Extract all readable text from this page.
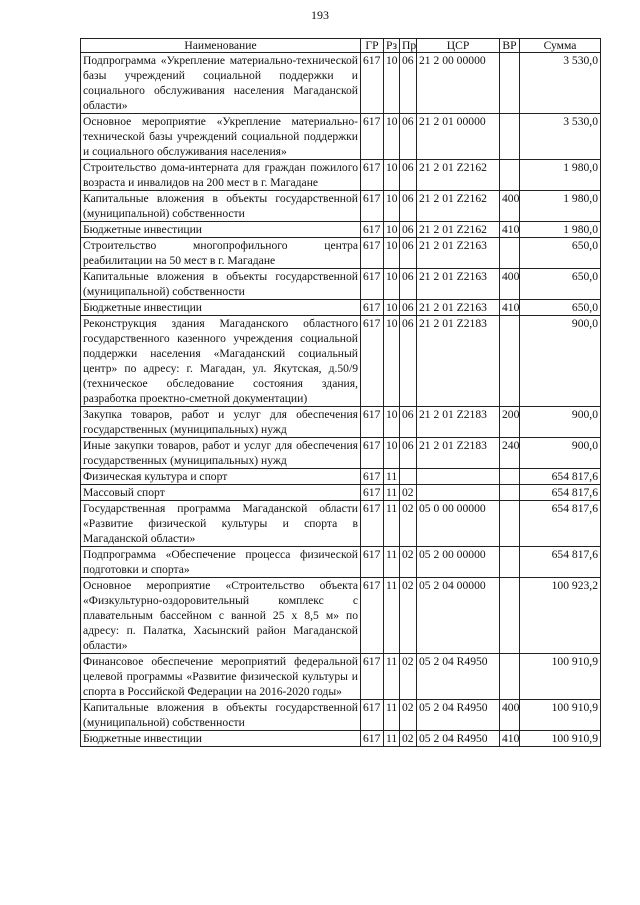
193
Наименование	ГР	Рз	Пр	ЦСР	ВР	Сумма
Подпрограмма «Укрепление материально-технической базы учреждений социальной поддержки и социального обслуживания населения Магаданской области»	617	10	06	21 2 00 00000		3 530,0
Основное мероприятие «Укрепление материально-технической базы учреждений социальной поддержки и социального обслуживания населения»	617	10	06	21 2 01 00000		3 530,0
Строительство дома-интерната для граждан пожилого возраста и инвалидов на 200 мест в г. Магадане	617	10	06	21 2 01 Z2162		1 980,0
Капитальные вложения в объекты государственной (муниципальной) собственности	617	10	06	21 2 01 Z2162	400	1 980,0
Бюджетные инвестиции	617	10	06	21 2 01 Z2162	410	1 980,0
Строительство многопрофильного центра реабилитации на 50 мест в г. Магадане	617	10	06	21 2 01 Z2163		650,0
Капитальные вложения в объекты государственной (муниципальной) собственности	617	10	06	21 2 01 Z2163	400	650,0
Бюджетные инвестиции	617	10	06	21 2 01 Z2163	410	650,0
Реконструкция здания Магаданского областного государственного казенного учреждения социальной поддержки населения «Магаданский социальный центр» по адресу: г. Магадан, ул. Якутская, д.50/9 (техническое обследование состояния здания, разработка проектно-сметной документации)	617	10	06	21 2 01 Z2183		900,0
Закупка товаров, работ и услуг для обеспечения государственных (муниципальных) нужд	617	10	06	21 2 01 Z2183	200	900,0
Иные закупки товаров, работ и услуг для обеспечения государственных (муниципальных) нужд	617	10	06	21 2 01 Z2183	240	900,0
Физическая культура и спорт	617	11				654 817,6
Массовый спорт	617	11	02			654 817,6
Государственная программа Магаданской области «Развитие физической культуры и спорта в Магаданской области»	617	11	02	05 0 00 00000		654 817,6
Подпрограмма «Обеспечение процесса физической подготовки и спорта»	617	11	02	05 2 00 00000		654 817,6
Основное мероприятие «Строительство объекта «Физкультурно-оздоровительный комплекс с плавательным бассейном с ванной 25 х 8,5 м» по адресу: п. Палатка, Хасынский район Магаданской области»	617	11	02	05 2 04 00000		100 923,2
Финансовое обеспечение мероприятий федеральной целевой программы «Развитие физической культуры и спорта в Российской Федерации на 2016-2020 годы»	617	11	02	05 2 04 R4950		100 910,9
Капитальные вложения в объекты государственной (муниципальной) собственности	617	11	02	05 2 04 R4950	400	100 910,9
Бюджетные инвестиции	617	11	02	05 2 04 R4950	410	100 910,9
